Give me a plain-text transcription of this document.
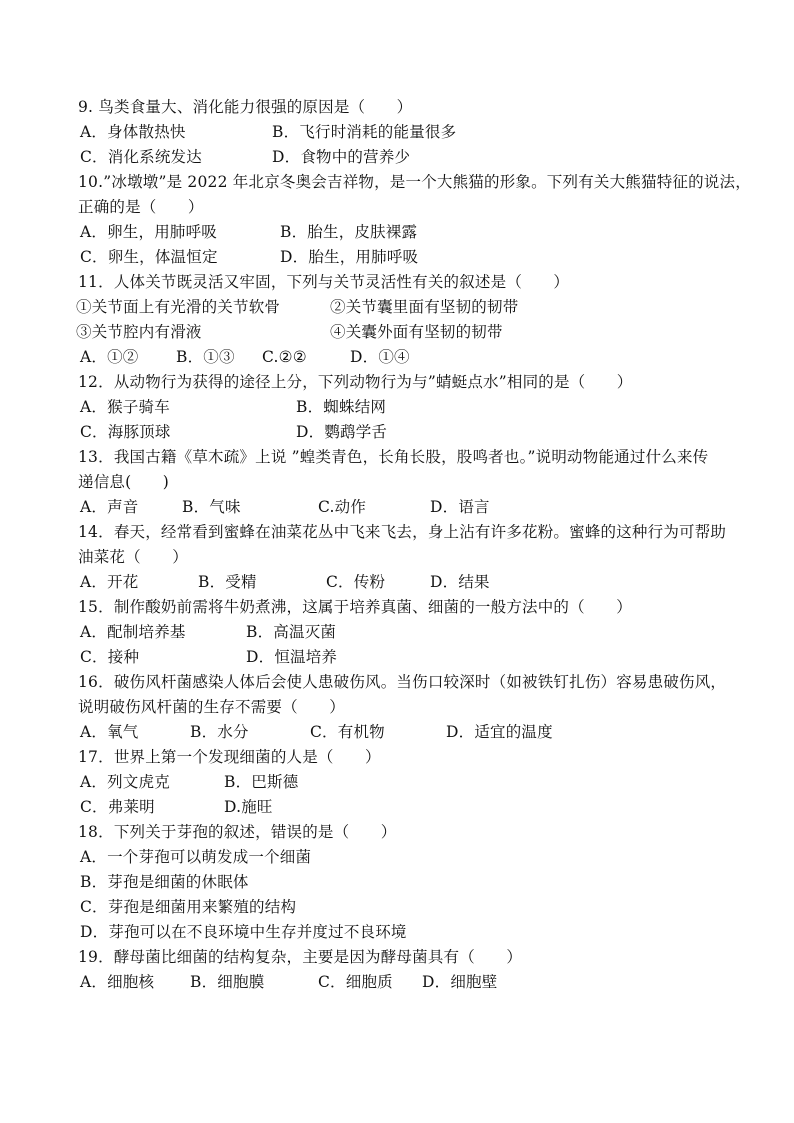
9. 鸟类食量大、消化能力很强的原因是（　　）
A．身体散热快	B．飞行时消耗的能量很多
C．消化系统发达	D．食物中的营养少
10.”冰墩墩”是 2022 年北京冬奥会吉祥物，是一个大熊猫的形象。下列有关大熊猫特征的说法，
正确的是（　　）
A．卵生，用肺呼吸	B．胎生，皮肤裸露
C．卵生，体温恒定	D．胎生，用肺呼吸
11．人体关节既灵活又牢固，下列与关节灵活性有关的叙述是（　　）
①关节面上有光滑的关节软骨	②关节囊里面有坚韧的韧带
③关节腔内有滑液	④关囊外面有坚韧的韧带
A．①② B．①③ C.②②	D．①④
12．从动物行为获得的途径上分，下列动物行为与”蜻蜓点水”相同的是（　　）
A．猴子骑车	B．蜘蛛结网
C．海豚顶球	D．鹦鹉学舌
13．我国古籍《草木疏》上说 ”蝗类青色，长角长股，股鸣者也。”说明动物能通过什么来传
递信息(　　)
A．声音	B．气味	C.动作	D．语言
14．春天，经常看到蜜蜂在油菜花丛中飞来飞去，身上沾有许多花粉。蜜蜂的这种行为可帮助
油菜花（　　）
A．开花	B．受精	C．传粉	D．结果
15．制作酸奶前需将牛奶煮沸，这属于培养真菌、细菌的一般方法中的（　　）
A．配制培养基	B．高温灭菌
C．接种	D．恒温培养
16．破伤风杆菌感染人体后会使人患破伤风。当伤口较深时（如被铁钉扎伤）容易患破伤风，
说明破伤风杆菌的生存不需要（　　）
A．氧气	B．水分	C．有机物	D．适宜的温度
17．世界上第一个发现细菌的人是（　　）
A．列文虎克	B．巴斯德
C．弗莱明	D.施旺
18．下列关于芽孢的叙述，错误的是（　　）
A．一个芽孢可以萌发成一个细菌
B．芽孢是细菌的休眠体
C．芽孢是细菌用来繁殖的结构
D．芽孢可以在不良环境中生存并度过不良环境
19．酵母菌比细菌的结构复杂，主要是因为酵母菌具有（　　）
A．细胞核 B．细胞膜	C．细胞质 D．细胞壁
